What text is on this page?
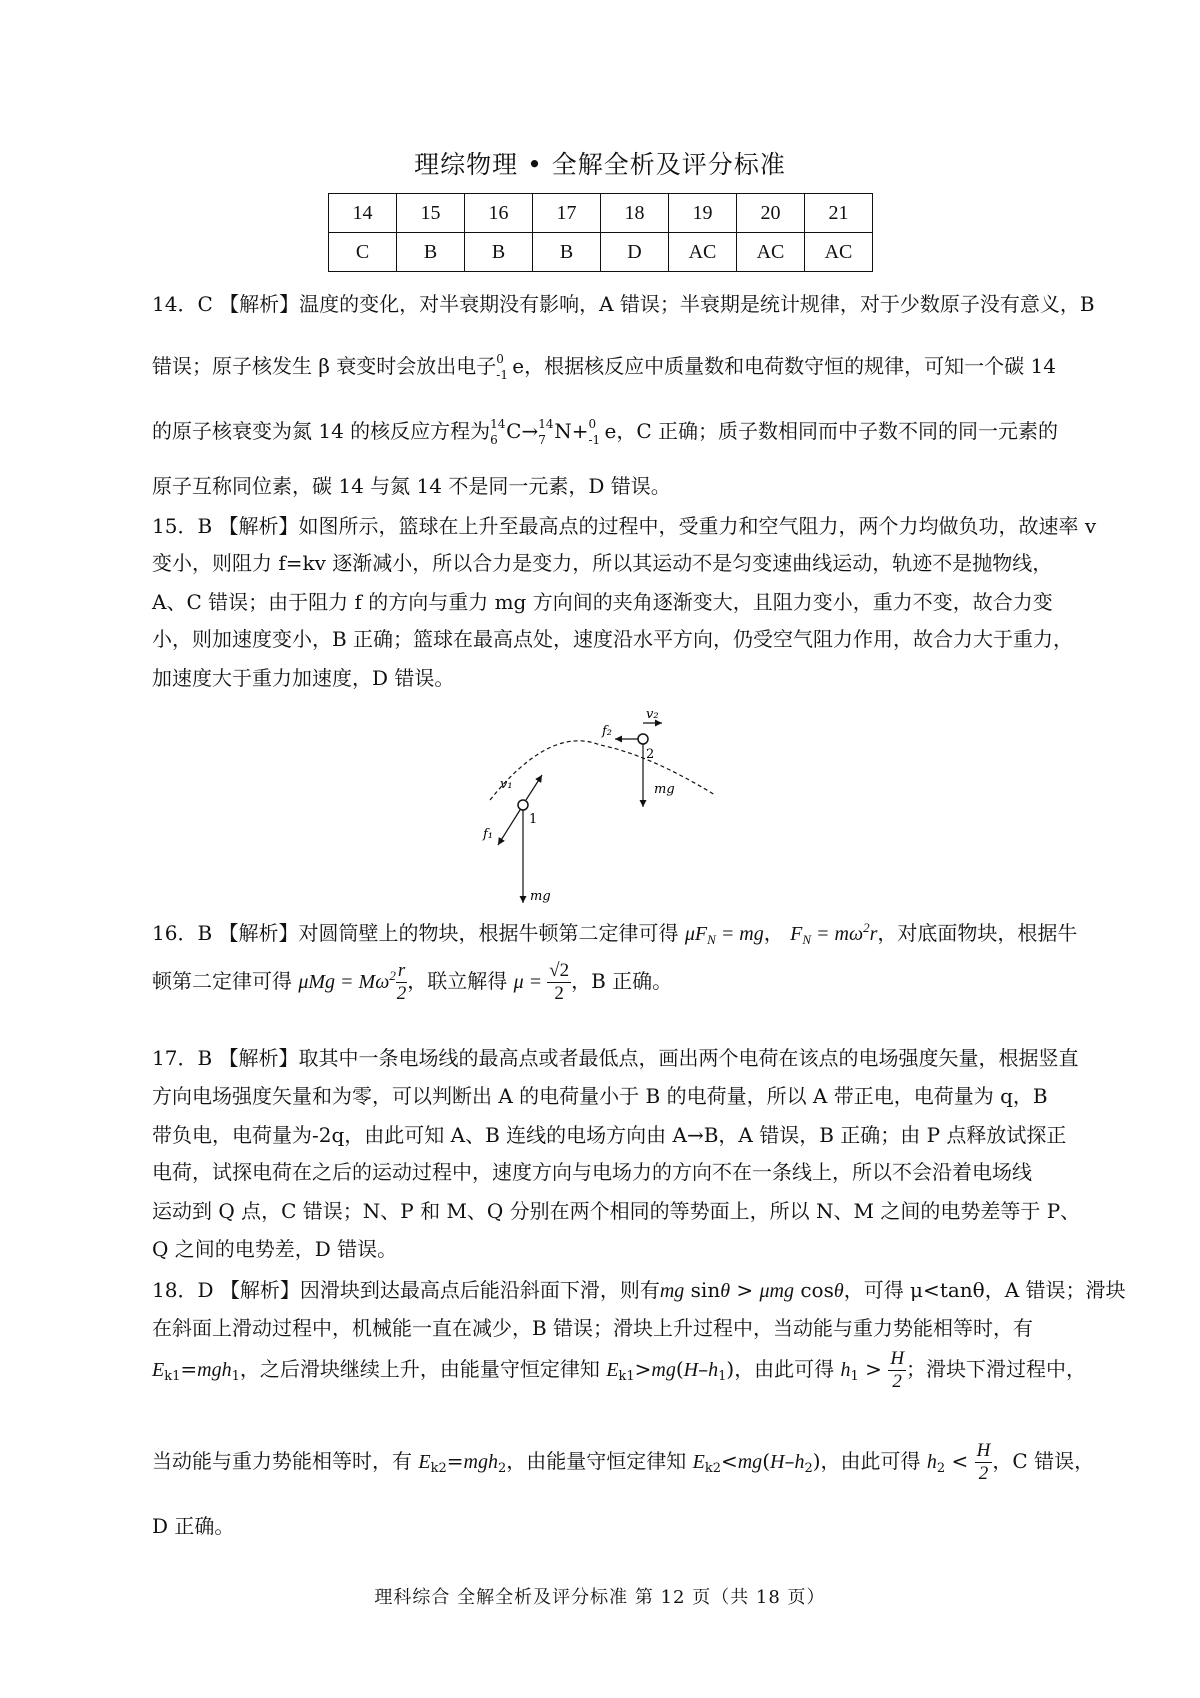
理综物理 • 全解全析及评分标准
14	15	16	17	18	19	20	21
C	B	B	B	D	AC	AC	AC
14．C 【解析】温度的变化，对半衰期没有影响，A 错误；半衰期是统计规律，对于少数原子没有意义，B
错误；原子核发生 β 衰变时会放出电子 0
-1 e，根据核反应中质量数和电荷数守恒的规律，可知一个碳 14
的原子核衰变为氮 14 的核反应方程为 14
6 C→ 14
7 N+ 0
-1 e，C 正确；质子数相同而中子数不同的同一元素的
原子互称同位素，碳 14 与氮 14 不是同一元素，D 错误。
15．B 【解析】如图所示，篮球在上升至最高点的过程中，受重力和空气阻力，两个力均做负功，故速率 v
变小，则阻力 f=kv 逐渐减小，所以合力是变力，所以其运动不是匀变速曲线运动，轨迹不是抛物线，
A、C 错误；由于阻力 f 的方向与重力 mg 方向间的夹角逐渐变大，且阻力变小，重力不变，故合力变
小，则加速度变小，B 正确；篮球在最高点处，速度沿水平方向，仍受空气阻力作用，故合力大于重力，
加速度大于重力加速度，D 错误。
v₂
f₂
2
mg
v₁
f₁
1
mg
16．B 【解析】对圆筒壁上的物块，根据牛顿第二定律可得 $\mu F_N$ = mg， $F_N = m\omega^2r$，对底面物块，根据牛
顿第二定律可得 $\mu Mg = M\omega^2 \frac{r}{2}$ ，联立解得 $\mu = \frac{√2}{2}$ ，B 正确。
17．B 【解析】取其中一条电场线的最高点或者最低点，画出两个电荷在该点的电场强度矢量，根据竖直
方向电场强度矢量和为零，可以判断出 A 的电荷量小于 B 的电荷量，所以 A 带正电，电荷量为 q，B
带负电，电荷量为-2q，由此可知 A、B 连线的电场方向由 A→B，A 错误，B 正确；由 P 点释放试探正
电荷，试探电荷在之后的运动过程中，速度方向与电场力的方向不在一条线上，所以不会沿着电场线
运动到 Q 点，C 错误；N、P 和 M、Q 分别在两个相同的等势面上，所以 N、M 之间的电势差等于 P、
Q 之间的电势差，D 错误。
18．D 【解析】因滑块到达最高点后能沿斜面下滑，则有mg sinθ > μmg cosθ，可得 μ<tanθ，A 错误；滑块
在斜面上滑动过程中，机械能一直在减少，B 错误；滑块上升过程中，当动能与重力势能相等时，有
$E_{k1}=mgh_1$，之后滑块继续上升，由能量守恒定律知 $E_{k1}>mg(H-h_1)$，由此可得 $h_1 > \frac{H}{2}$ ；滑块下滑过程中，
当动能与重力势能相等时，有 $E_{k2}=mgh_2$，由能量守恒定律知 $E_{k2}<mg(H-h_2)$，由此可得 $h_2 < \frac{H}{2}$ ，C 错误，
D 正确。
理科综合 全解全析及评分标准 第 12 页（共 18 页）
